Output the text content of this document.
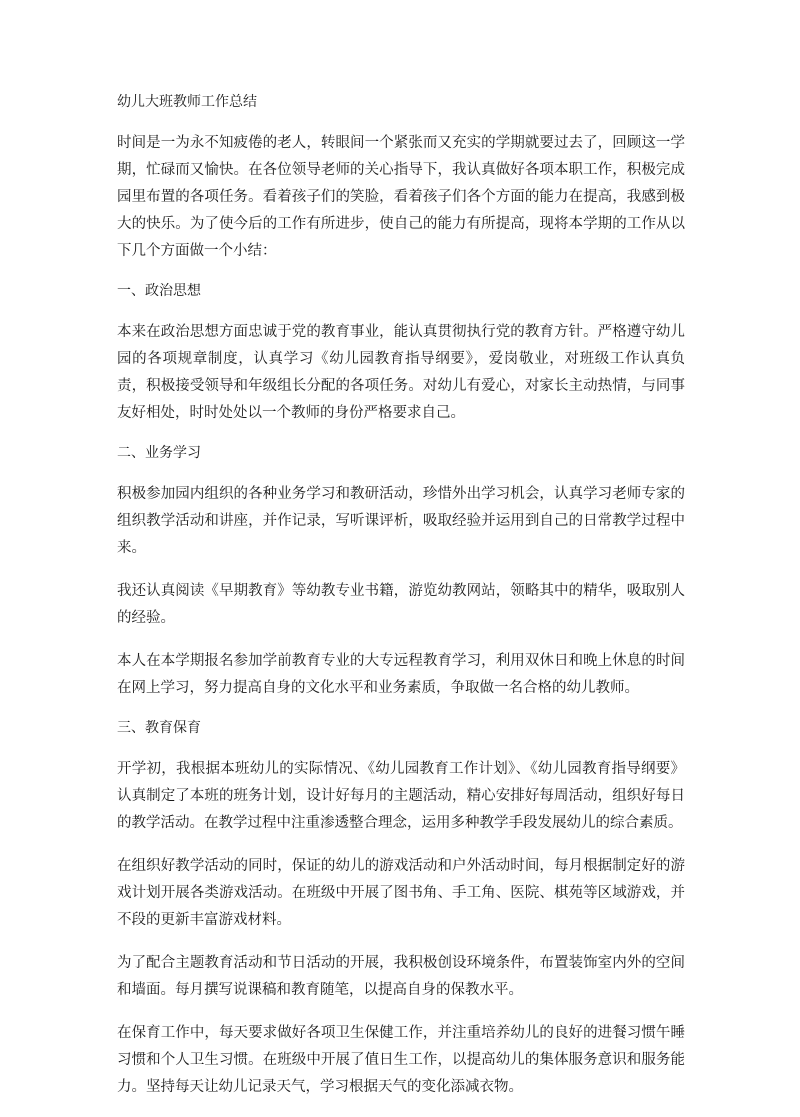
幼儿大班教师工作总结

时间是一为永不知疲倦的老人，转眼间一个紧张而又充实的学期就要过去了，回顾这一学期，忙碌而又愉快。在各位领导老师的关心指导下，我认真做好各项本职工作，积极完成园里布置的各项任务。看着孩子们的笑脸，看着孩子们各个方面的能力在提高，我感到极大的快乐。为了使今后的工作有所进步，使自己的能力有所提高，现将本学期的工作从以下几个方面做一个小结：

一、政治思想

本来在政治思想方面忠诚于党的教育事业，能认真贯彻执行党的教育方针。严格遵守幼儿园的各项规章制度，认真学习《幼儿园教育指导纲要》，爱岗敬业，对班级工作认真负责，积极接受领导和年级组长分配的各项任务。对幼儿有爱心，对家长主动热情，与同事友好相处，时时处处以一个教师的身份严格要求自己。

二、业务学习

积极参加园内组织的各种业务学习和教研活动，珍惜外出学习机会，认真学习老师专家的组织教学活动和讲座，并作记录，写听课评析，吸取经验并运用到自己的日常教学过程中来。

我还认真阅读《早期教育》等幼教专业书籍，游览幼教网站，领略其中的精华，吸取别人的经验。

本人在本学期报名参加学前教育专业的大专远程教育学习，利用双休日和晚上休息的时间在网上学习，努力提高自身的文化水平和业务素质，争取做一名合格的幼儿教师。

三、教育保育

开学初，我根据本班幼儿的实际情况、《幼儿园教育工作计划》、《幼儿园教育指导纲要》认真制定了本班的班务计划，设计好每月的主题活动，精心安排好每周活动，组织好每日的教学活动。在教学过程中注重渗透整合理念，运用多种教学手段发展幼儿的综合素质。

在组织好教学活动的同时，保证的幼儿的游戏活动和户外活动时间，每月根据制定好的游戏计划开展各类游戏活动。在班级中开展了图书角、手工角、医院、棋苑等区域游戏，并不段的更新丰富游戏材料。

为了配合主题教育活动和节日活动的开展，我积极创设环境条件，布置装饰室内外的空间和墙面。每月撰写说课稿和教育随笔，以提高自身的保教水平。

在保育工作中，每天要求做好各项卫生保健工作，并注重培养幼儿的良好的进餐习惯午睡习惯和个人卫生习惯。在班级中开展了值日生工作，以提高幼儿的集体服务意识和服务能力。坚持每天让幼儿记录天气，学习根据天气的变化添减衣物。
